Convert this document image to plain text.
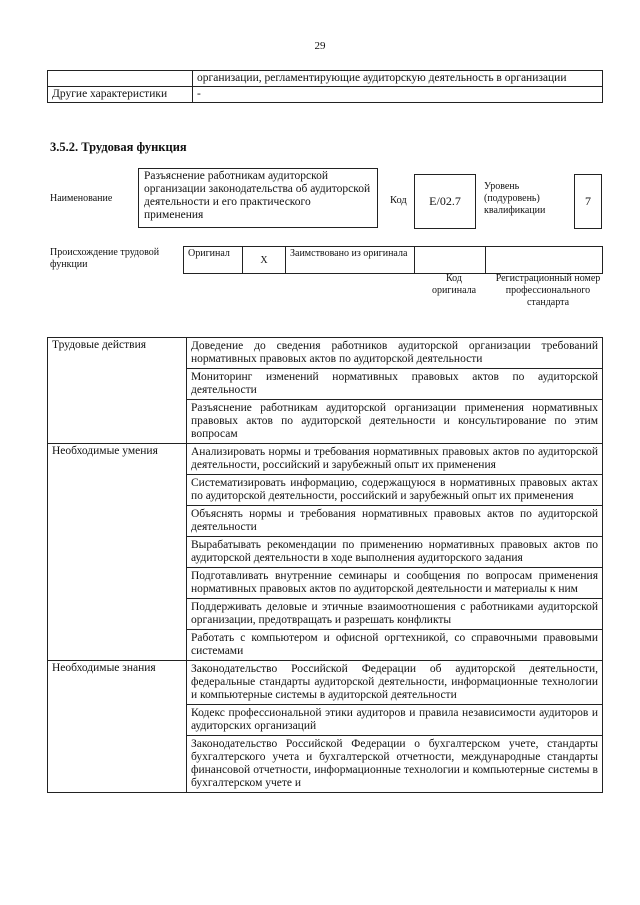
29
	организации, регламентирующие аудиторскую деятельность в организации
Другие характеристики	-
3.5.2. Трудовая функция
Наименование
Разъяснение работникам аудиторской организации законодательства об аудиторской деятельности и его практического применения
Код	E/02.7
Уровень (подуровень) квалификации
7
Происхождение трудовой функции
Оригинал	X	Заимствовано из оригинала		
Код оригинала
Регистрационный номер профессионального стандарта
Трудовые действия	Доведение до сведения работников аудиторской организации требований нормативных правовых актов по аудиторской деятельности
	Мониторинг изменений нормативных правовых актов по аудиторской деятельности
	Разъяснение работникам аудиторской организации применения нормативных правовых актов по аудиторской деятельности и консультирование по этим вопросам
Необходимые умения	Анализировать нормы и требования нормативных правовых актов по аудиторской деятельности, российский и зарубежный опыт их применения
	Систематизировать информацию, содержащуюся в нормативных правовых актах по аудиторской деятельности, российский и зарубежный опыт их применения
	Объяснять нормы и требования нормативных правовых актов по аудиторской деятельности
	Вырабатывать рекомендации по применению нормативных правовых актов по аудиторской деятельности в ходе выполнения аудиторского задания
	Подготавливать внутренние семинары и сообщения по вопросам применения нормативных правовых актов по аудиторской деятельности и материалы к ним
	Поддерживать деловые и этичные взаимоотношения с работниками аудиторской организации, предотвращать и разрешать конфликты
	Работать с компьютером и офисной оргтехникой, со справочными правовыми системами
Необходимые знания	Законодательство Российской Федерации об аудиторской деятельности, федеральные стандарты аудиторской деятельности, информационные технологии и компьютерные системы в аудиторской деятельности
	Кодекс профессиональной этики аудиторов и правила независимости аудиторов и аудиторских организаций
	Законодательство Российской Федерации о бухгалтерском учете, стандарты бухгалтерского учета и бухгалтерской отчетности, международные стандарты финансовой отчетности, информационные технологии и компьютерные системы в бухгалтерском учете и
